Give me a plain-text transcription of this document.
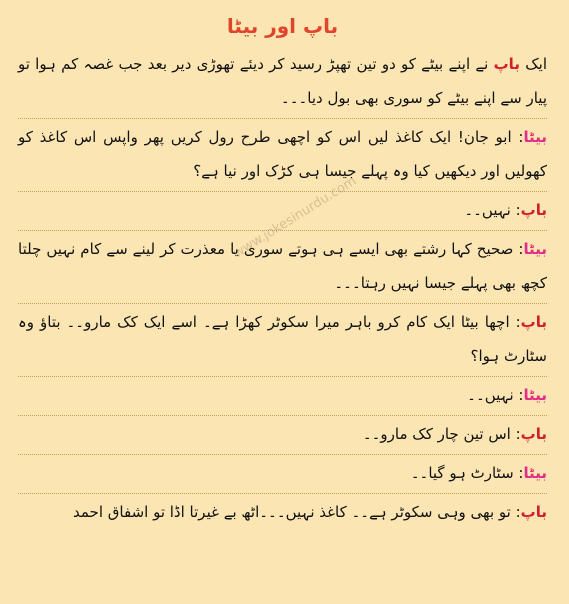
باپ اور بیٹا
ایک باپ نے اپنے بیٹے کو دو تین تھپڑ رسید کر دیئے تھوڑی دیر بعد جب غصہ کم ہوا تو پیار سے اپنے بیٹے کو سوری بھی بول دیا۔۔۔
بیٹا: ابو جان! ایک کاغذ لیں اس کو اچھی طرح رول کریں پھر واپس اس کاغذ کو کھولیں اور دیکھیں کیا وہ پہلے جیسا ہی کڑک اور نیا ہے؟
باپ: نہیں۔۔
بیٹا: صحیح کہا رشتے بھی ایسے ہی ہوتے سوری یا معذرت کر لینے سے کام نہیں چلتا کچھ بھی پہلے جیسا نہیں رہتا۔۔۔
باپ: اچھا بیٹا ایک کام کرو باہر میرا سکوٹر کھڑا ہے۔ اسے ایک کک مارو۔۔ بتاؤ وہ سٹارٹ ہوا؟
بیٹا: نہیں۔۔
باپ: اس تین چار کک مارو۔۔
بیٹا: سٹارٹ ہو گیا۔۔
باپ: تو بھی وہی سکوٹر ہے۔۔ کاغذ نہیں۔۔۔اٹھ بے غیرتا اڈا تو اشفاق احمد
www.jokesinurdu.com
